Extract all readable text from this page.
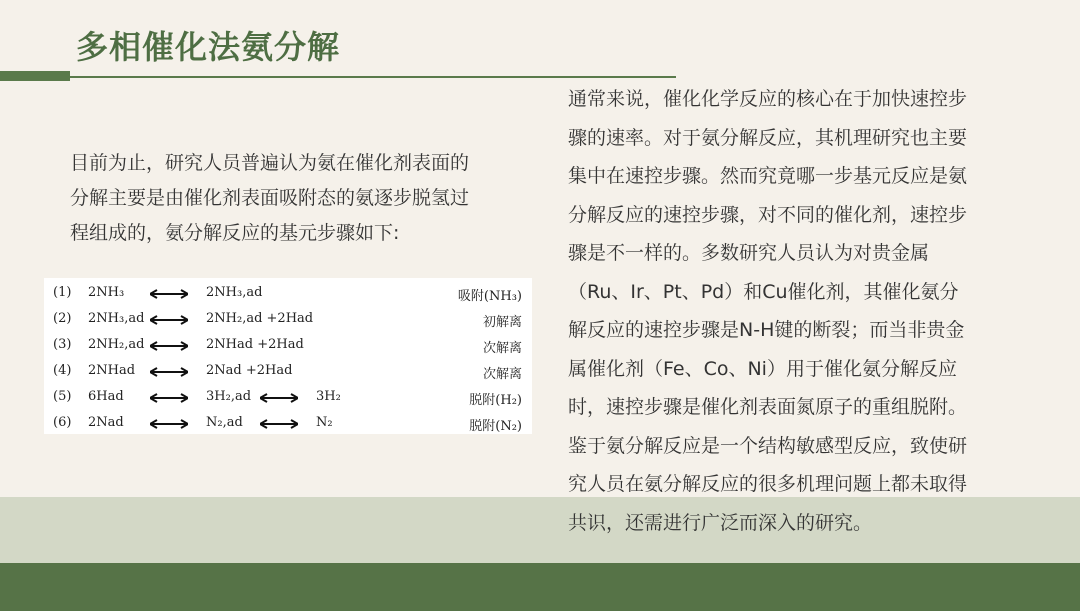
多相催化法氨分解

目前为止，研究人员普遍认为氨在催化剂表面的

分解主要是由催化剂表面吸附态的氨逐步脱氢过

程组成的，氨分解反应的基元步骤如下:

(1) 2NH₃	2NH₃,ad	吸附(NH₃)
(2) 2NH₃,ad	2NH₂,ad +2Had	初解离
(3) 2NH₂,ad	2NHad +2Had	次解离
(4) 2NHad	2Nad +2Had	次解离
(5) 6Had	3H₂,ad	3H₂	脱附(H₂)
(6) 2Nad	N₂,ad	N₂	脱附(N₂)

通常来说，催化化学反应的核心在于加快速控步

骤的速率。对于氨分解反应，其机理研究也主要

集中在速控步骤。然而究竟哪一步基元反应是氨

分解反应的速控步骤，对不同的催化剂，速控步

骤是不一样的。多数研究人员认为对贵金属

（Ru、Ir、Pt、Pd）和Cu催化剂，其催化氨分

解反应的速控步骤是N-H键的断裂；而当非贵金

属催化剂（Fe、Co、Ni）用于催化氨分解反应

时，速控步骤是催化剂表面氮原子的重组脱附。

鉴于氨分解反应是一个结构敏感型反应，致使研

究人员在氨分解反应的很多机理问题上都未取得

共识，还需进行广泛而深入的研究。
